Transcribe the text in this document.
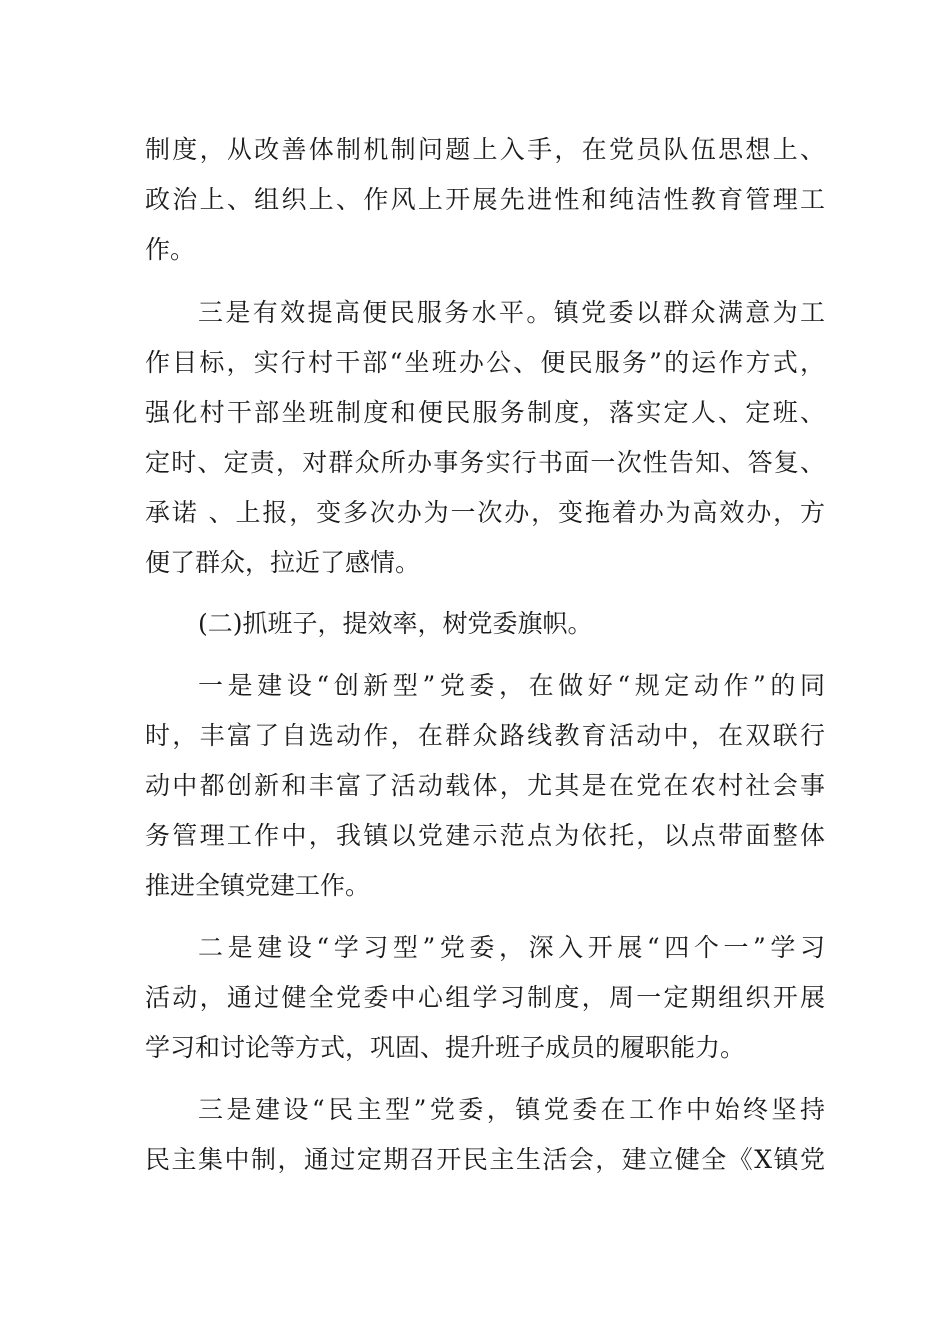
制度，从改善体制机制问题上入手，在党员队伍思想上、
政治上、组织上、作风上开展先进性和纯洁性教育管理工
作。
三是有效提高便民服务水平。镇党委以群众满意为工
作目标，实行村干部“坐班办公、便民服务”的运作方式，
强化村干部坐班制度和便民服务制度，落实定人、定班、
定时、定责，对群众所办事务实行书面一次性告知、答复、
承诺 、上报，变多次办为一次办，变拖着办为高效办，方
便了群众，拉近了感情。
(二)抓班子，提效率，树党委旗帜。
一是建设“创新型”党委，在做好“规定动作”的同
时，丰富了自选动作，在群众路线教育活动中，在双联行
动中都创新和丰富了活动载体，尤其是在党在农村社会事
务管理工作中，我镇以党建示范点为依托，以点带面整体
推进全镇党建工作。
二是建设“学习型”党委，深入开展“四个一”学习
活动，通过健全党委中心组学习制度，周一定期组织开展
学习和讨论等方式，巩固、提升班子成员的履职能力。
三是建设“民主型”党委，镇党委在工作中始终坚持
民主集中制，通过定期召开民主生活会，建立健全《X镇党
